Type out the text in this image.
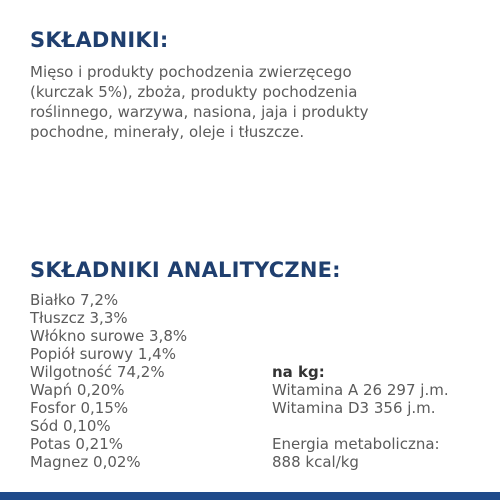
SKŁADNIKI:

Mięso i produkty pochodzenia zwierzęcego
(kurczak 5%), zboża, produkty pochodzenia
roślinnego, warzywa, nasiona, jaja i produkty
pochodne, minerały, oleje i tłuszcze.

SKŁADNIKI ANALITYCZNE:
Białko 7,2%
Tłuszcz 3,3%
Włókno surowe 3,8%
Popiół surowy 1,4%
Wilgotność 74,2%
Wapń 0,20%
Fosfor 0,15%
Sód 0,10%
Potas 0,21%
Magnez 0,02%
na kg:
Witamina A 26 297 j.m.
Witamina D3 356 j.m.
Energia metaboliczna:
888 kcal/kg
